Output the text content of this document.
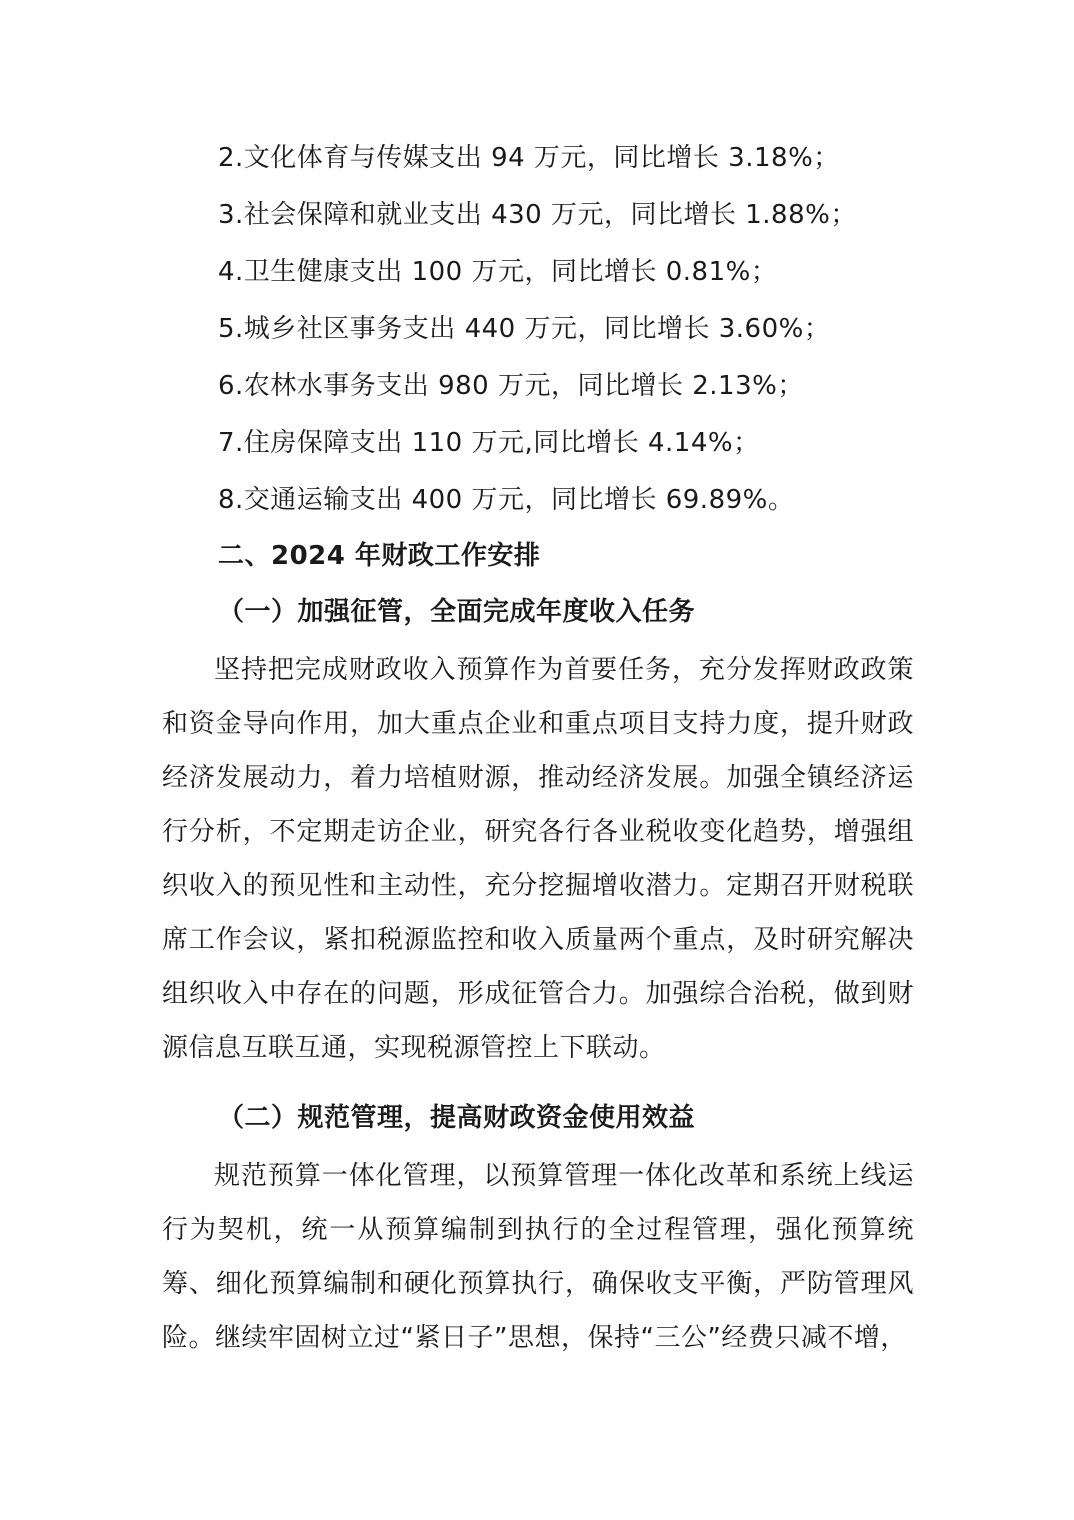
2.文化体育与传媒支出 94 万元，同比增长 3.18%；
3.社会保障和就业支出 430 万元，同比增长 1.88%；
4.卫生健康支出 100 万元，同比增长 0.81%；
5.城乡社区事务支出 440 万元，同比增长 3.60%；
6.农林水事务支出 980 万元，同比增长 2.13%；
7.住房保障支出 110 万元,同比增长 4.14%；
8.交通运输支出 400 万元，同比增长 69.89%。
二、2024 年财政工作安排
（一）加强征管，全面完成年度收入任务
坚持把完成财政收入预算作为首要任务，充分发挥财政政策和资金导向作用，加大重点企业和重点项目支持力度，提升财政经济发展动力，着力培植财源，推动经济发展。加强全镇经济运行分析，不定期走访企业，研究各行各业税收变化趋势，增强组织收入的预见性和主动性，充分挖掘增收潜力。定期召开财税联席工作会议，紧扣税源监控和收入质量两个重点，及时研究解决组织收入中存在的问题，形成征管合力。加强综合治税，做到财源信息互联互通，实现税源管控上下联动。
（二）规范管理，提高财政资金使用效益
规范预算一体化管理，以预算管理一体化改革和系统上线运行为契机，统一从预算编制到执行的全过程管理，强化预算统筹、细化预算编制和硬化预算执行，确保收支平衡，严防管理风险。继续牢固树立过“紧日子”思想，保持“三公”经费只减不增，
